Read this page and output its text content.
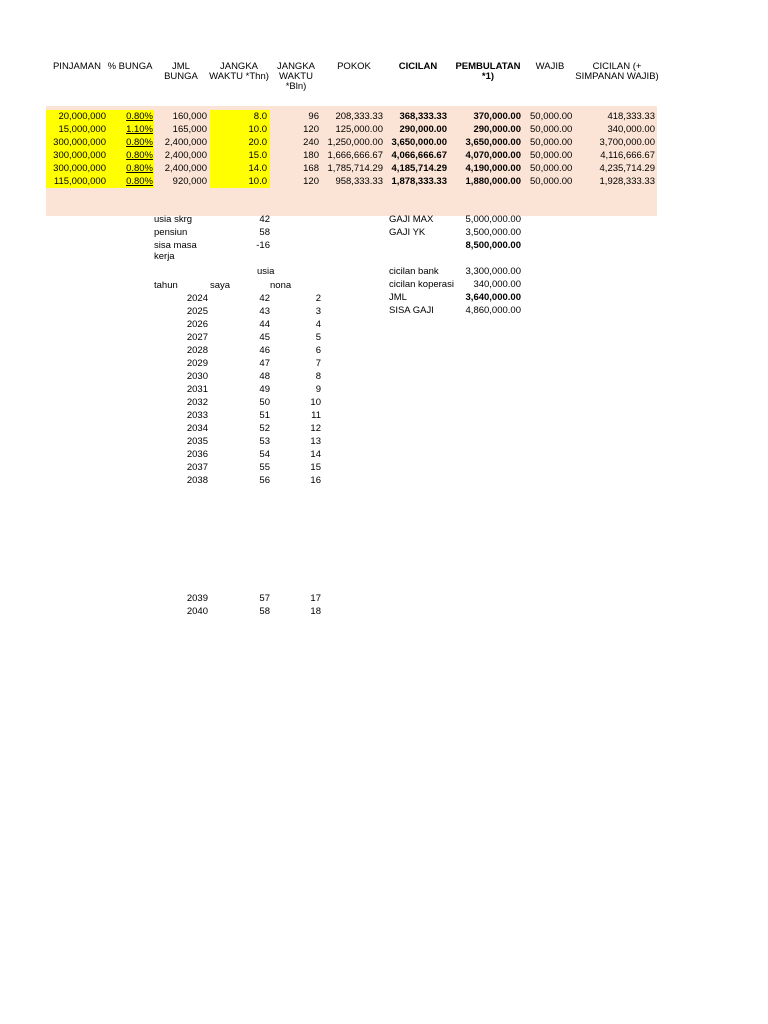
PINJAMAN % BUNGA	JML BUNGA
JANGKA
WAKTU *Thn)
JANGKA
WAKTU
*Bln)
POKOK	CICILAN	PEMBULATAN
*1)
WAJIB	CICILAN (+
SIMPANAN WAJIB)
20,000,000	0.80%	160,000	8.0	96	208,333.33	368,333.33	370,000.00 50,000.00	418,333.33
15,000,000	1.10%	165,000	10.0	120	125,000.00	290,000.00	290,000.00 50,000.00	340,000.00
300,000,000	0.80%	2,400,000	20.0	240 1,250,000.00 3,650,000.00	3,650,000.00 50,000.00	3,700,000.00
300,000,000	0.80%	2,400,000	15.0	180 1,666,666.67 4,066,666.67	4,070,000.00 50,000.00	4,116,666.67
300,000,000	0.80%	2,400,000	14.0	168 1,785,714.29 4,185,714.29	4,190,000.00 50,000.00	4,235,714.29
115,000,000	0.80%	920,000	10.0	120	958,333.33 1,878,333.33	1,880,000.00 50,000.00	1,928,333.33
usia skrg	42
pensiun	58
sisa masa
kerja
-16
usia
tahun	saya	nona
2024	42	2
2025	43	3
2026	44	4
2027	45	5
2028	46	6
2029	47	7
2030	48	8
2031	49	9
2032	50	10
2033	51	11
2034	52	12
2035	53	13
2036	54	14
2037	55	15
2038	56	16
2039	57	17
2040	58	18
GAJI MAX	5,000,000.00
GAJI YK	3,500,000.00
8,500,000.00
cicilan bank	3,300,000.00
cicilan koperasi	340,000.00
JML	3,640,000.00
SISA GAJI	4,860,000.00
